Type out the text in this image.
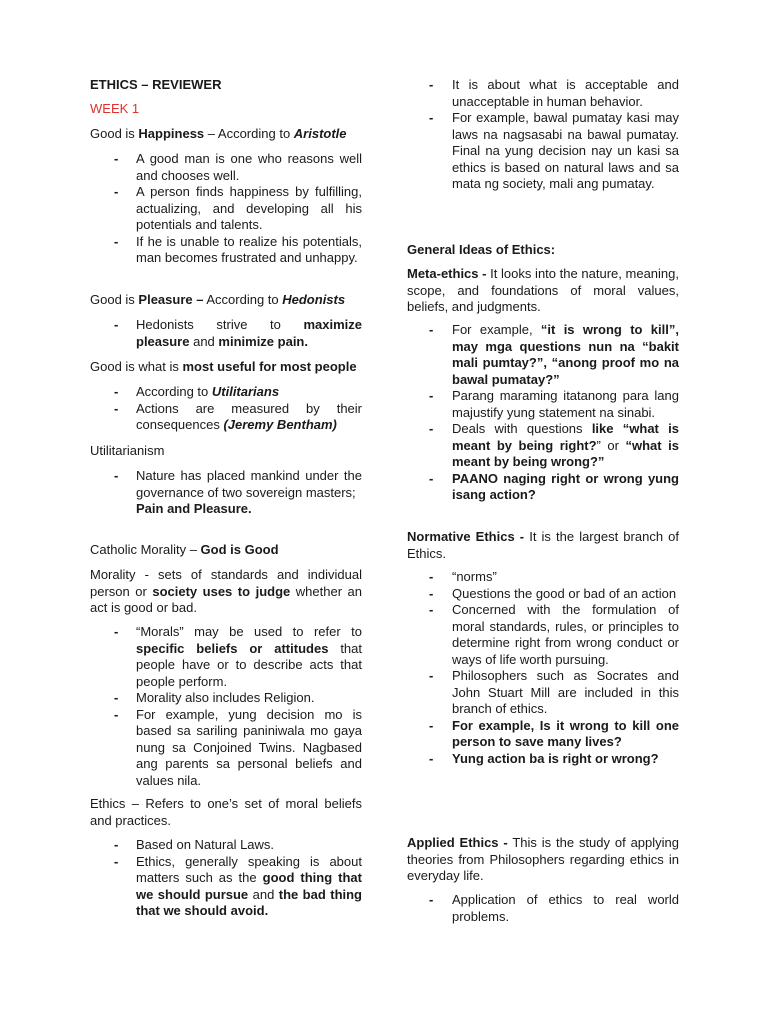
ETHICS – REVIEWER

WEEK 1

Good is Happiness – According to Aristotle

- A good man is one who reasons well and chooses well.
- A person finds happiness by fulfilling, actualizing, and developing all his potentials and talents.
- If he is unable to realize his potentials, man becomes frustrated and unhappy.

Good is Pleasure – According to Hedonists

- Hedonists strive to maximize pleasure and minimize pain.

Good is what is most useful for most people

- According to Utilitarians
- Actions are measured by their consequences (Jeremy Bentham)

Utilitarianism

- Nature has placed mankind under the governance of two sovereign masters;
Pain and Pleasure.

Catholic Morality – God is Good

Morality - sets of standards and individual person or society uses to judge whether an act is good or bad.

- “Morals” may be used to refer to specific beliefs or attitudes that people have or to describe acts that people perform.
- Morality also includes Religion.
- For example, yung decision mo is based sa sariling paniniwala mo gaya nung sa Conjoined Twins. Nagbased ang parents sa personal beliefs and values nila.

Ethics – Refers to one’s set of moral beliefs and practices.

- Based on Natural Laws.
- Ethics, generally speaking is about matters such as the good thing that we should pursue and the bad thing that we should avoid.
- It is about what is acceptable and unacceptable in human behavior.
- For example, bawal pumatay kasi may laws na nagsasabi na bawal pumatay. Final na yung decision nay un kasi sa ethics is based on natural laws and sa mata ng society, mali ang pumatay.

General Ideas of Ethics:

Meta-ethics - It looks into the nature, meaning, scope, and foundations of moral values, beliefs, and judgments.

- For example, “it is wrong to kill”, may mga questions nun na “bakit mali pumtay?”, “anong proof mo na bawal pumatay?”
- Parang maraming itatanong para lang majustify yung statement na sinabi.
- Deals with questions like “what is meant by being right?” or “what is meant by being wrong?”
- PAANO naging right or wrong yung isang action?

Normative Ethics - It is the largest branch of Ethics.

- “norms”
- Questions the good or bad of an action
- Concerned with the formulation of moral standards, rules, or principles to determine right from wrong conduct or ways of life worth pursuing.
- Philosophers such as Socrates and John Stuart Mill are included in this branch of ethics.
- For example, Is it wrong to kill one person to save many lives?
- Yung action ba is right or wrong?

Applied Ethics - This is the study of applying theories from Philosophers regarding ethics in everyday life.

- Application of ethics to real world problems.
